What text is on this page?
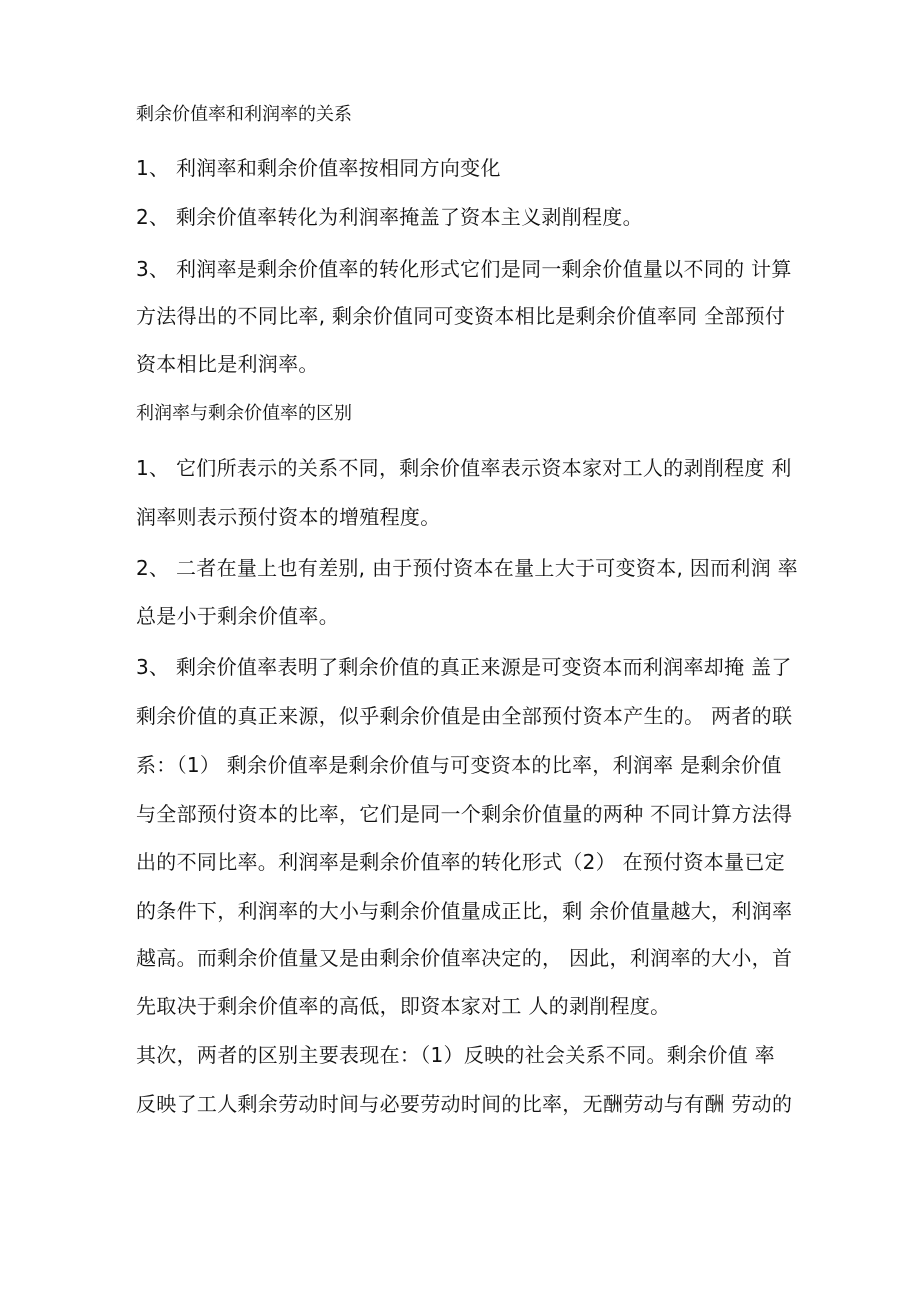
剩余价值率和利润率的关系
1、 利润率和剩余价值率按相同方向变化
2、 剩余价值率转化为利润率掩盖了资本主义剥削程度。
3、 利润率是剩余价值率的转化形式它们是同一剩余价值量以不同的 计算
方法得出的不同比率, 剩余价值同可变资本相比是剩余价值率同 全部预付
资本相比是利润率。
利润率与剩余价值率的区别
1、 它们所表示的关系不同，剩余价值率表示资本家对工人的剥削程度 利
润率则表示预付资本的增殖程度。
2、 二者在量上也有差别, 由于预付资本在量上大于可变资本, 因而利润 率
总是小于剩余价值率。
3、 剩余价值率表明了剩余价值的真正来源是可变资本而利润率却掩 盖了
剩余价值的真正来源，似乎剩余价值是由全部预付资本产生的。 两者的联
系：（1） 剩余价值率是剩余价值与可变资本的比率，利润率 是剩余价值
与全部预付资本的比率，它们是同一个剩余价值量的两种 不同计算方法得
出的不同比率。利润率是剩余价值率的转化形式（2） 在预付资本量已定
的条件下，利润率的大小与剩余价值量成正比，剩 余价值量越大，利润率
越高。而剩余价值量又是由剩余价值率决定的， 因此，利润率的大小，首
先取决于剩余价值率的高低，即资本家对工 人的剥削程度。
其次，两者的区别主要表现在：（1）反映的社会关系不同。剩余价值 率
反映了工人剩余劳动时间与必要劳动时间的比率，无酬劳动与有酬 劳动的
